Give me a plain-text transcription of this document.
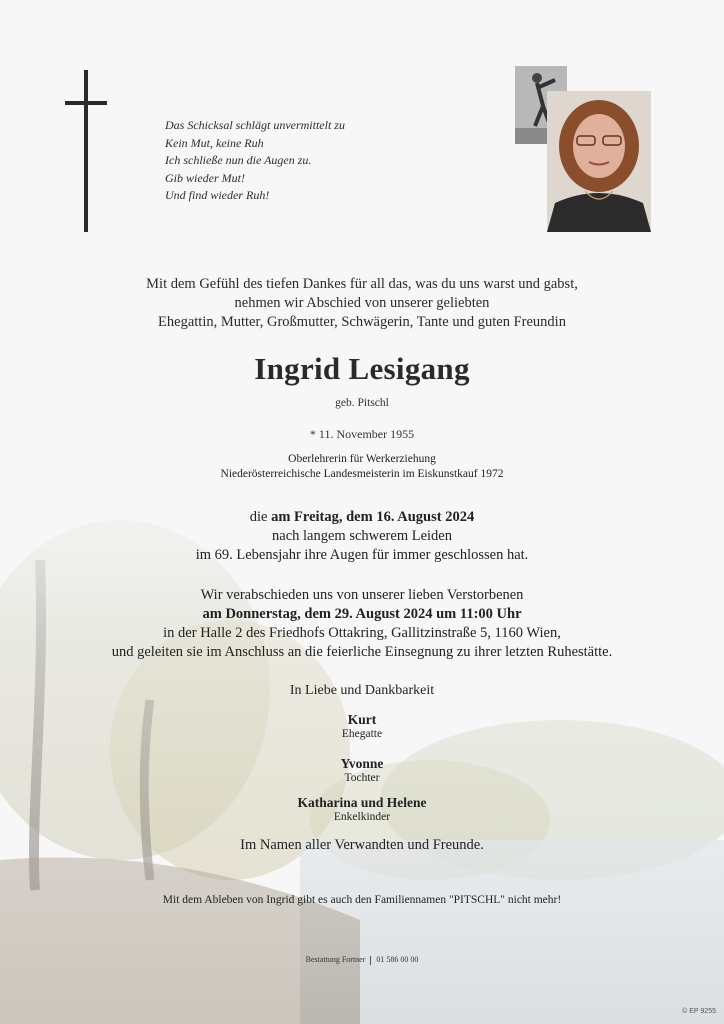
Das Schicksal schlägt unvermittelt zu
Kein Mut, keine Ruh
Ich schließe nun die Augen zu.
Gib wieder Mut!
Und find wieder Ruh!
Mit dem Gefühl des tiefen Dankes für all das, was du uns warst und gabst,
nehmen wir Abschied von unserer geliebten
Ehegattin, Mutter, Großmutter, Schwägerin, Tante und guten Freundin
Ingrid Lesigang
geb. Pitschl
* 11. November 1955
Oberlehrerin für Werkerziehung
Niederösterreichische Landesmeisterin im Eiskunstkauf 1972
die am Freitag, dem 16. August 2024
nach langem schwerem Leiden
im 69. Lebensjahr ihre Augen für immer geschlossen hat.
Wir verabschieden uns von unserer lieben Verstorbenen
am Donnerstag, dem 29. August 2024 um 11:00 Uhr
in der Halle 2 des Friedhofs Ottakring, Gallitzinstraße 5, 1160 Wien,
und geleiten sie im Anschluss an die feierliche Einsegnung zu ihrer letzten Ruhestätte.
In Liebe und Dankbarkeit
Kurt
Ehegatte
Yvonne
Tochter
Katharina und Helene
Enkelkinder
Im Namen aller Verwandten und Freunde.
Mit dem Ableben von Ingrid gibt es auch den Familiennamen "PITSCHL" nicht mehr!
Bestattung Fortner 01 586 00 00
© EP 9255
